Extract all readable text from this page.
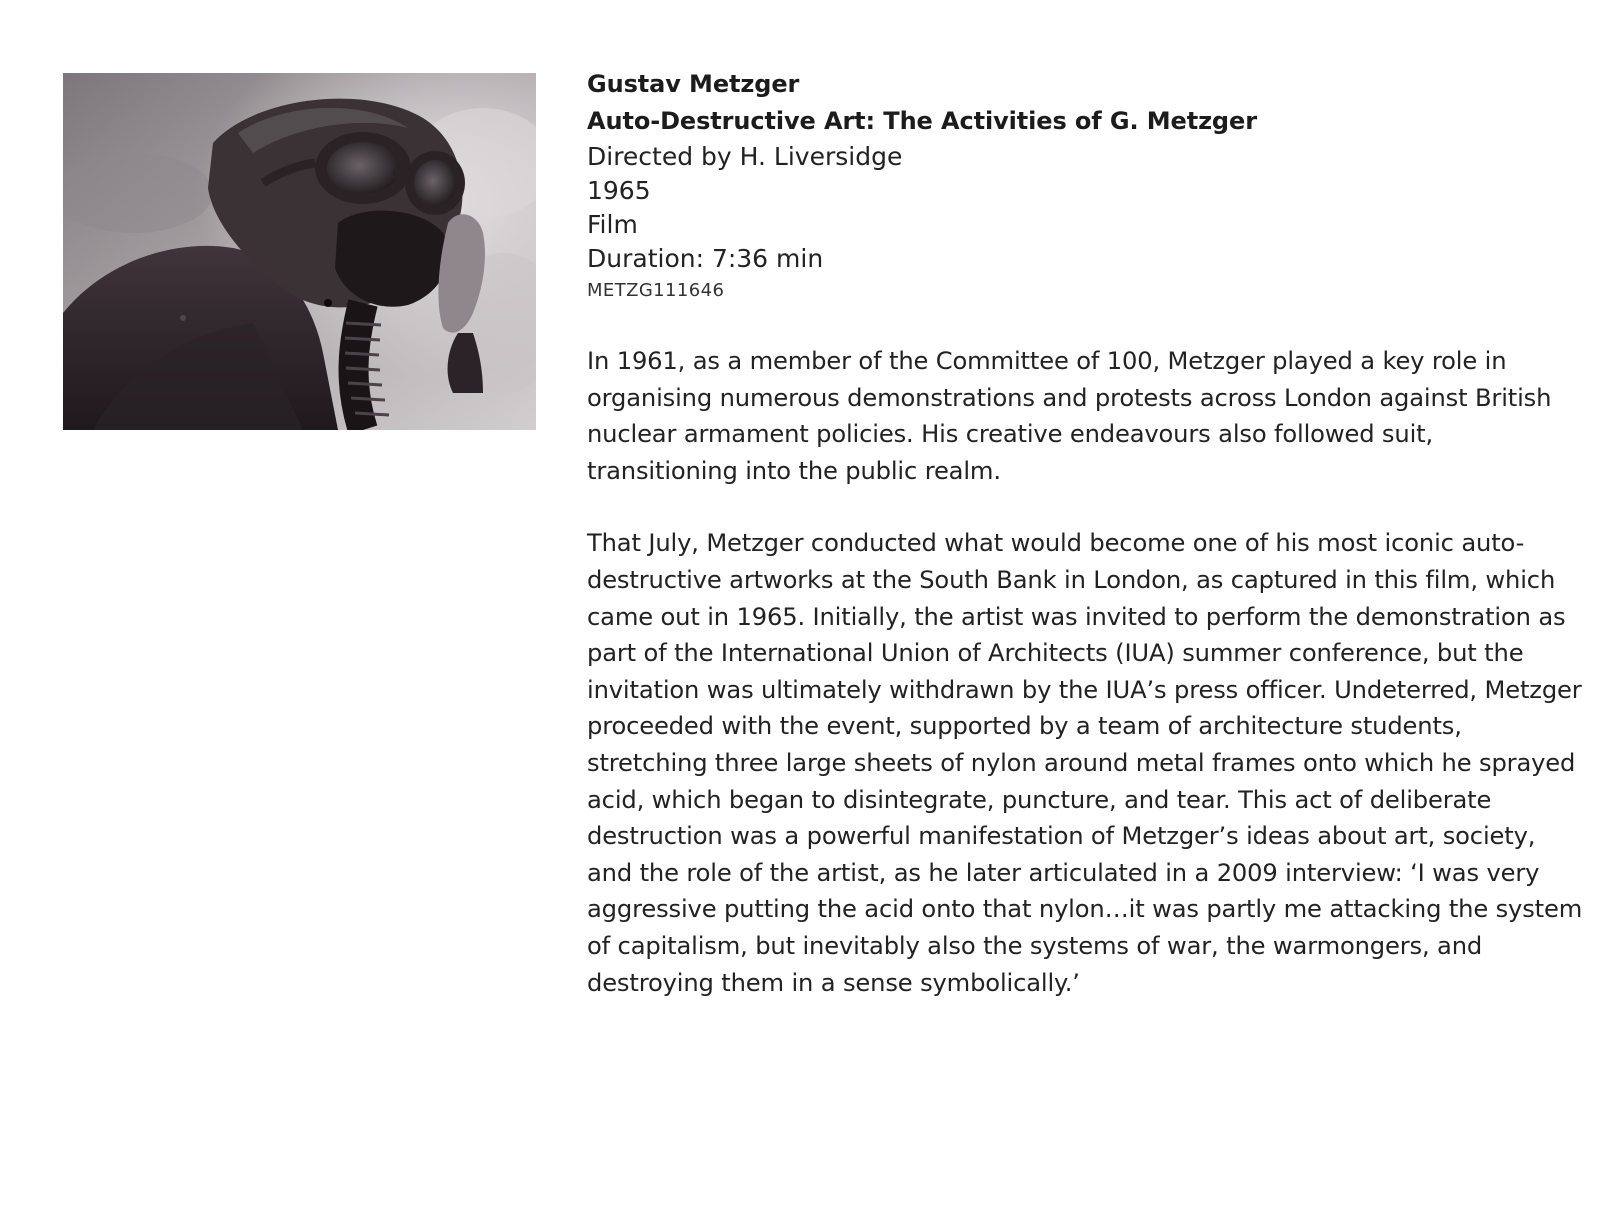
Gustav Metzger

Auto-Destructive Art: The Activities of G. Metzger

Directed by H. Liversidge

1965

Film

Duration: 7:36 min

METZG111646

In 1961, as a member of the Committee of 100, Metzger played a key role in organising numerous demonstrations and protests across London against British nuclear armament policies. His creative endeavours also followed suit, transitioning into the public realm.

That July, Metzger conducted what would become one of his most iconic auto-destructive artworks at the South Bank in London, as captured in this film, which came out in 1965. Initially, the artist was invited to perform the demonstration as part of the International Union of Architects (IUA) summer conference, but the invitation was ultimately withdrawn by the IUA’s press officer. Undeterred, Metzger proceeded with the event, supported by a team of architecture students, stretching three large sheets of nylon around metal frames onto which he sprayed acid, which began to disintegrate, puncture, and tear. This act of deliberate destruction was a powerful manifestation of Metzger’s ideas about art, society, and the role of the artist, as he later articulated in a 2009 interview: ‘I was very aggressive putting the acid onto that nylon…it was partly me attacking the system of capitalism, but inevitably also the systems of war, the warmongers, and destroying them in a sense symbolically.’
